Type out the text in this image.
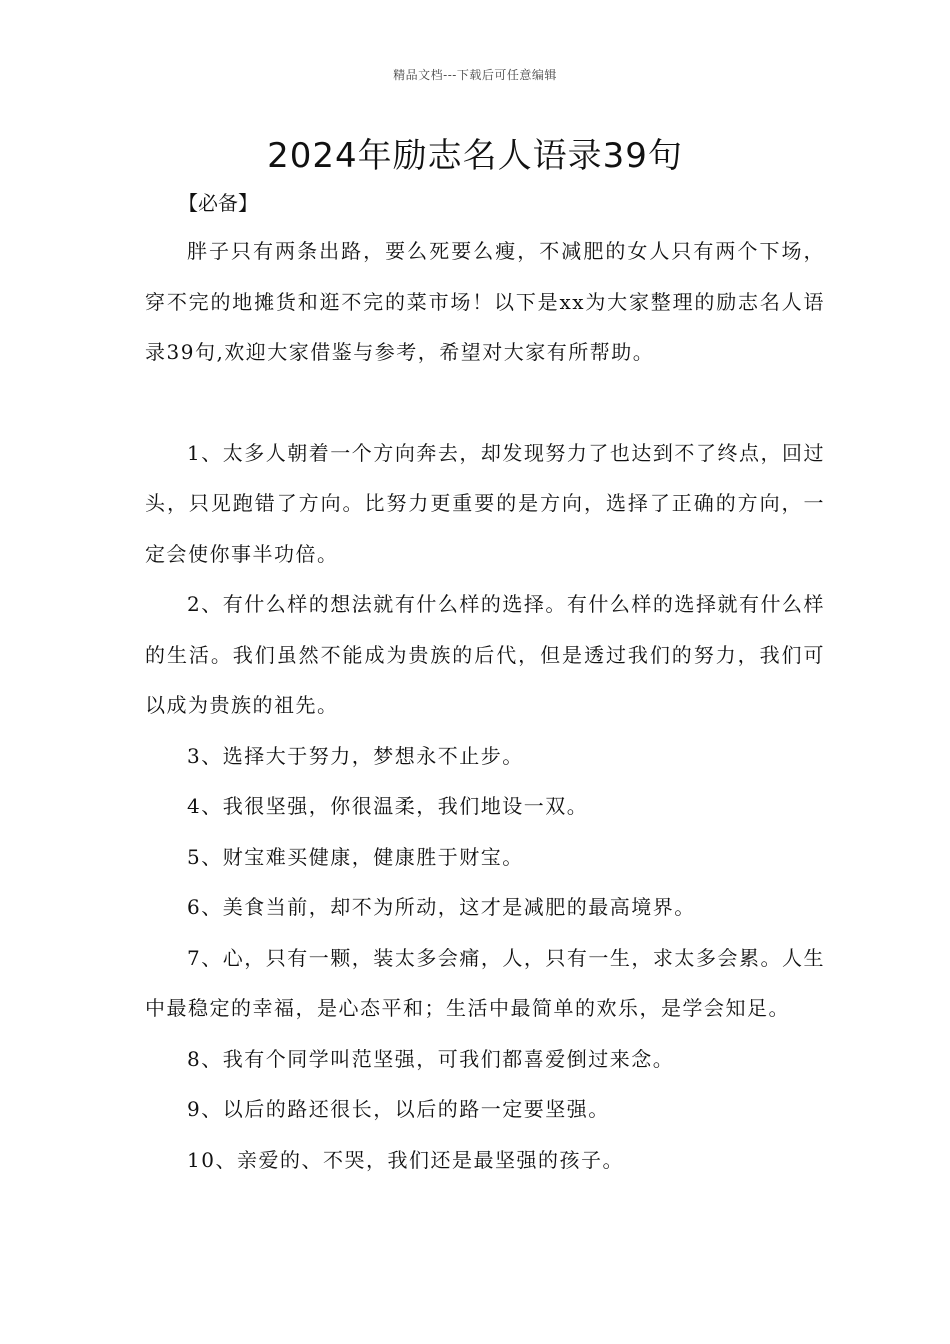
精品文档---下载后可任意编辑
2024年励志名人语录39句
【必备】

胖子只有两条出路，要么死要么瘦，不减肥的女人只有两个下场，穿不完的地摊货和逛不完的菜市场！以下是xx为大家整理的励志名人语录39句,欢迎大家借鉴与参考，希望对大家有所帮助。

1、太多人朝着一个方向奔去，却发现努力了也达到不了终点，回过头，只见跑错了方向。比努力更重要的是方向，选择了正确的方向，一定会使你事半功倍。

2、有什么样的想法就有什么样的选择。有什么样的选择就有什么样的生活。我们虽然不能成为贵族的后代，但是透过我们的努力，我们可以成为贵族的祖先。

3、选择大于努力，梦想永不止步。

4、我很坚强，你很温柔，我们地设一双。

5、财宝难买健康，健康胜于财宝。

6、美食当前，却不为所动，这才是减肥的最高境界。

7、心，只有一颗，装太多会痛，人，只有一生，求太多会累。人生中最稳定的幸福，是心态平和；生活中最简单的欢乐，是学会知足。

8、我有个同学叫范坚强，可我们都喜爱倒过来念。

9、以后的路还很长，以后的路一定要坚强。

10、亲爱的、不哭，我们还是最坚强的孩子。
